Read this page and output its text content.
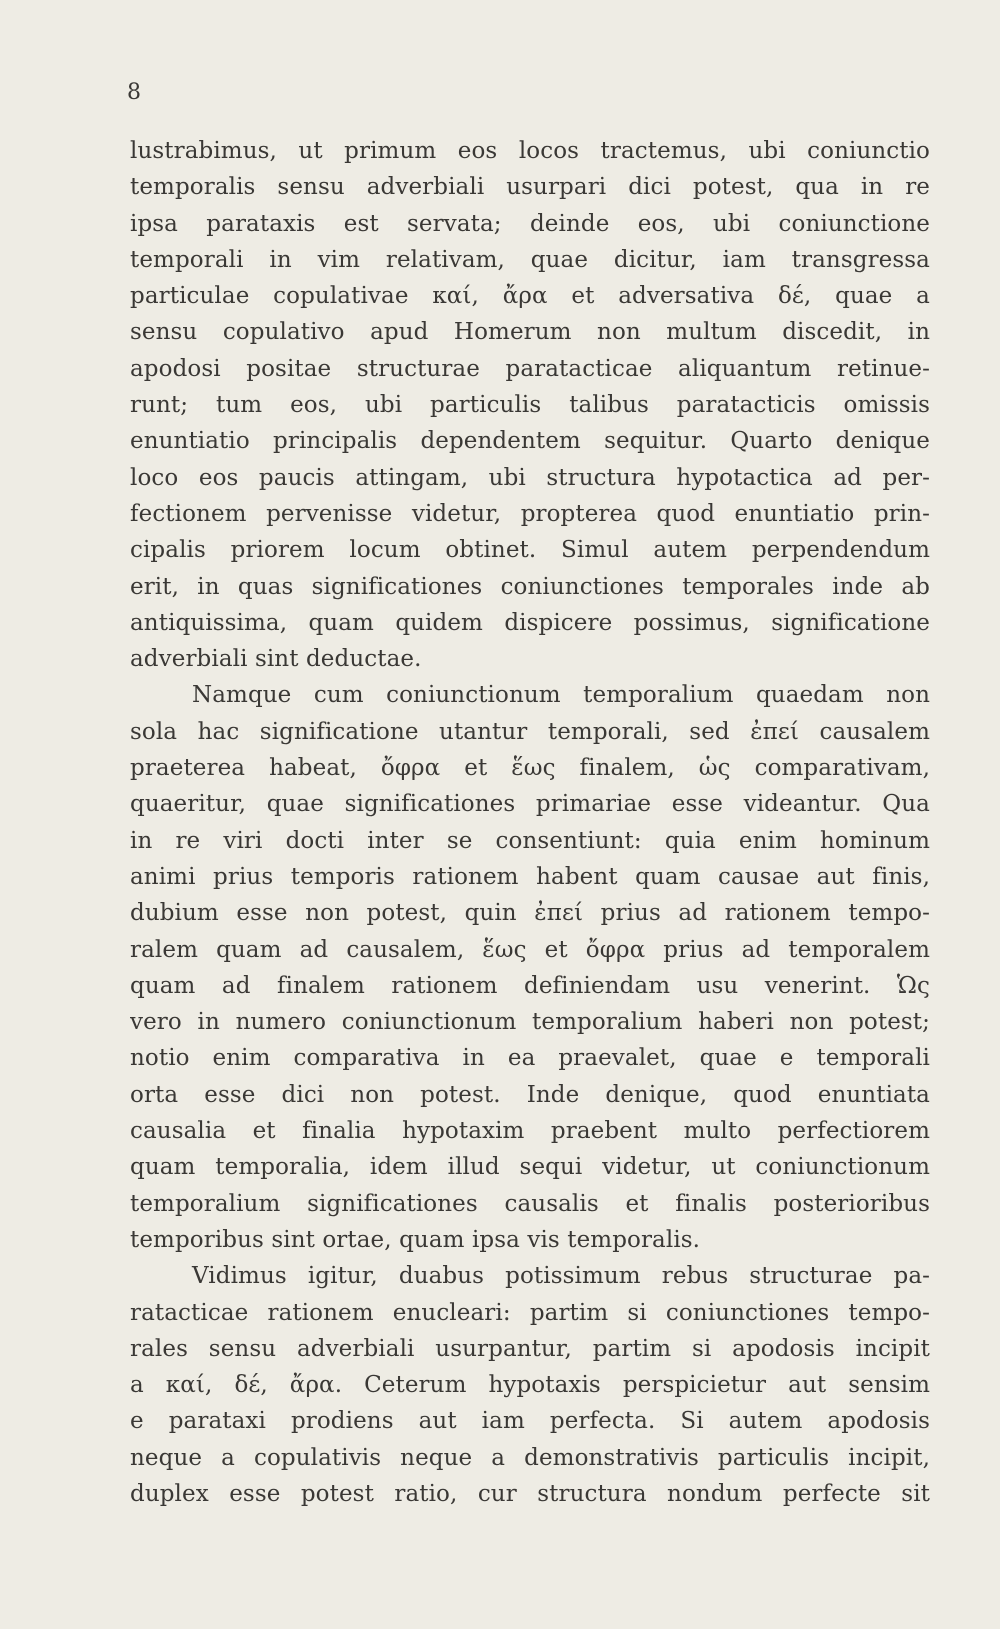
8
lustrabimus, ut primum eos locos tractemus, ubi coniunctio
temporalis sensu adverbiali usurpari dici potest, qua in re
ipsa parataxis est servata; deinde eos, ubi coniunctione
temporali in vim relativam, quae dicitur, iam transgressa
particulae copulativae καί, ἄρα et adversativa δέ, quae a
sensu copulativo apud Homerum non multum discedit, in
apodosi positae structurae paratacticae aliquantum retinue-
runt; tum eos, ubi particulis talibus paratacticis omissis
enuntiatio principalis dependentem sequitur. Quarto denique
loco eos paucis attingam, ubi structura hypotactica ad per-
fectionem pervenisse videtur, propterea quod enuntiatio prin-
cipalis priorem locum obtinet. Simul autem perpendendum
erit, in quas significationes coniunctiones temporales inde ab
antiquissima, quam quidem dispicere possimus, significatione
adverbiali sint deductae.
Namque cum coniunctionum temporalium quaedam non
sola hac significatione utantur temporali, sed ἐπεί causalem
praeterea habeat, ὄφρα et ἕως finalem, ὡς comparativam,
quaeritur, quae significationes primariae esse videantur. Qua
in re viri docti inter se consentiunt: quia enim hominum
animi prius temporis rationem habent quam causae aut finis,
dubium esse non potest, quin ἐπεί prius ad rationem tempo-
ralem quam ad causalem, ἕως et ὄφρα prius ad temporalem
quam ad finalem rationem definiendam usu venerint. Ὡς
vero in numero coniunctionum temporalium haberi non potest;
notio enim comparativa in ea praevalet, quae e temporali
orta esse dici non potest. Inde denique, quod enuntiata
causalia et finalia hypotaxim praebent multo perfectiorem
quam temporalia, idem illud sequi videtur, ut coniunctionum
temporalium significationes causalis et finalis posterioribus
temporibus sint ortae, quam ipsa vis temporalis.
Vidimus igitur, duabus potissimum rebus structurae pa-
ratacticae rationem enucleari: partim si coniunctiones tempo-
rales sensu adverbiali usurpantur, partim si apodosis incipit
a καί, δέ, ἄρα. Ceterum hypotaxis perspicietur aut sensim
e parataxi prodiens aut iam perfecta. Si autem apodosis
neque a copulativis neque a demonstrativis particulis incipit,
duplex esse potest ratio, cur structura nondum perfecte sit
